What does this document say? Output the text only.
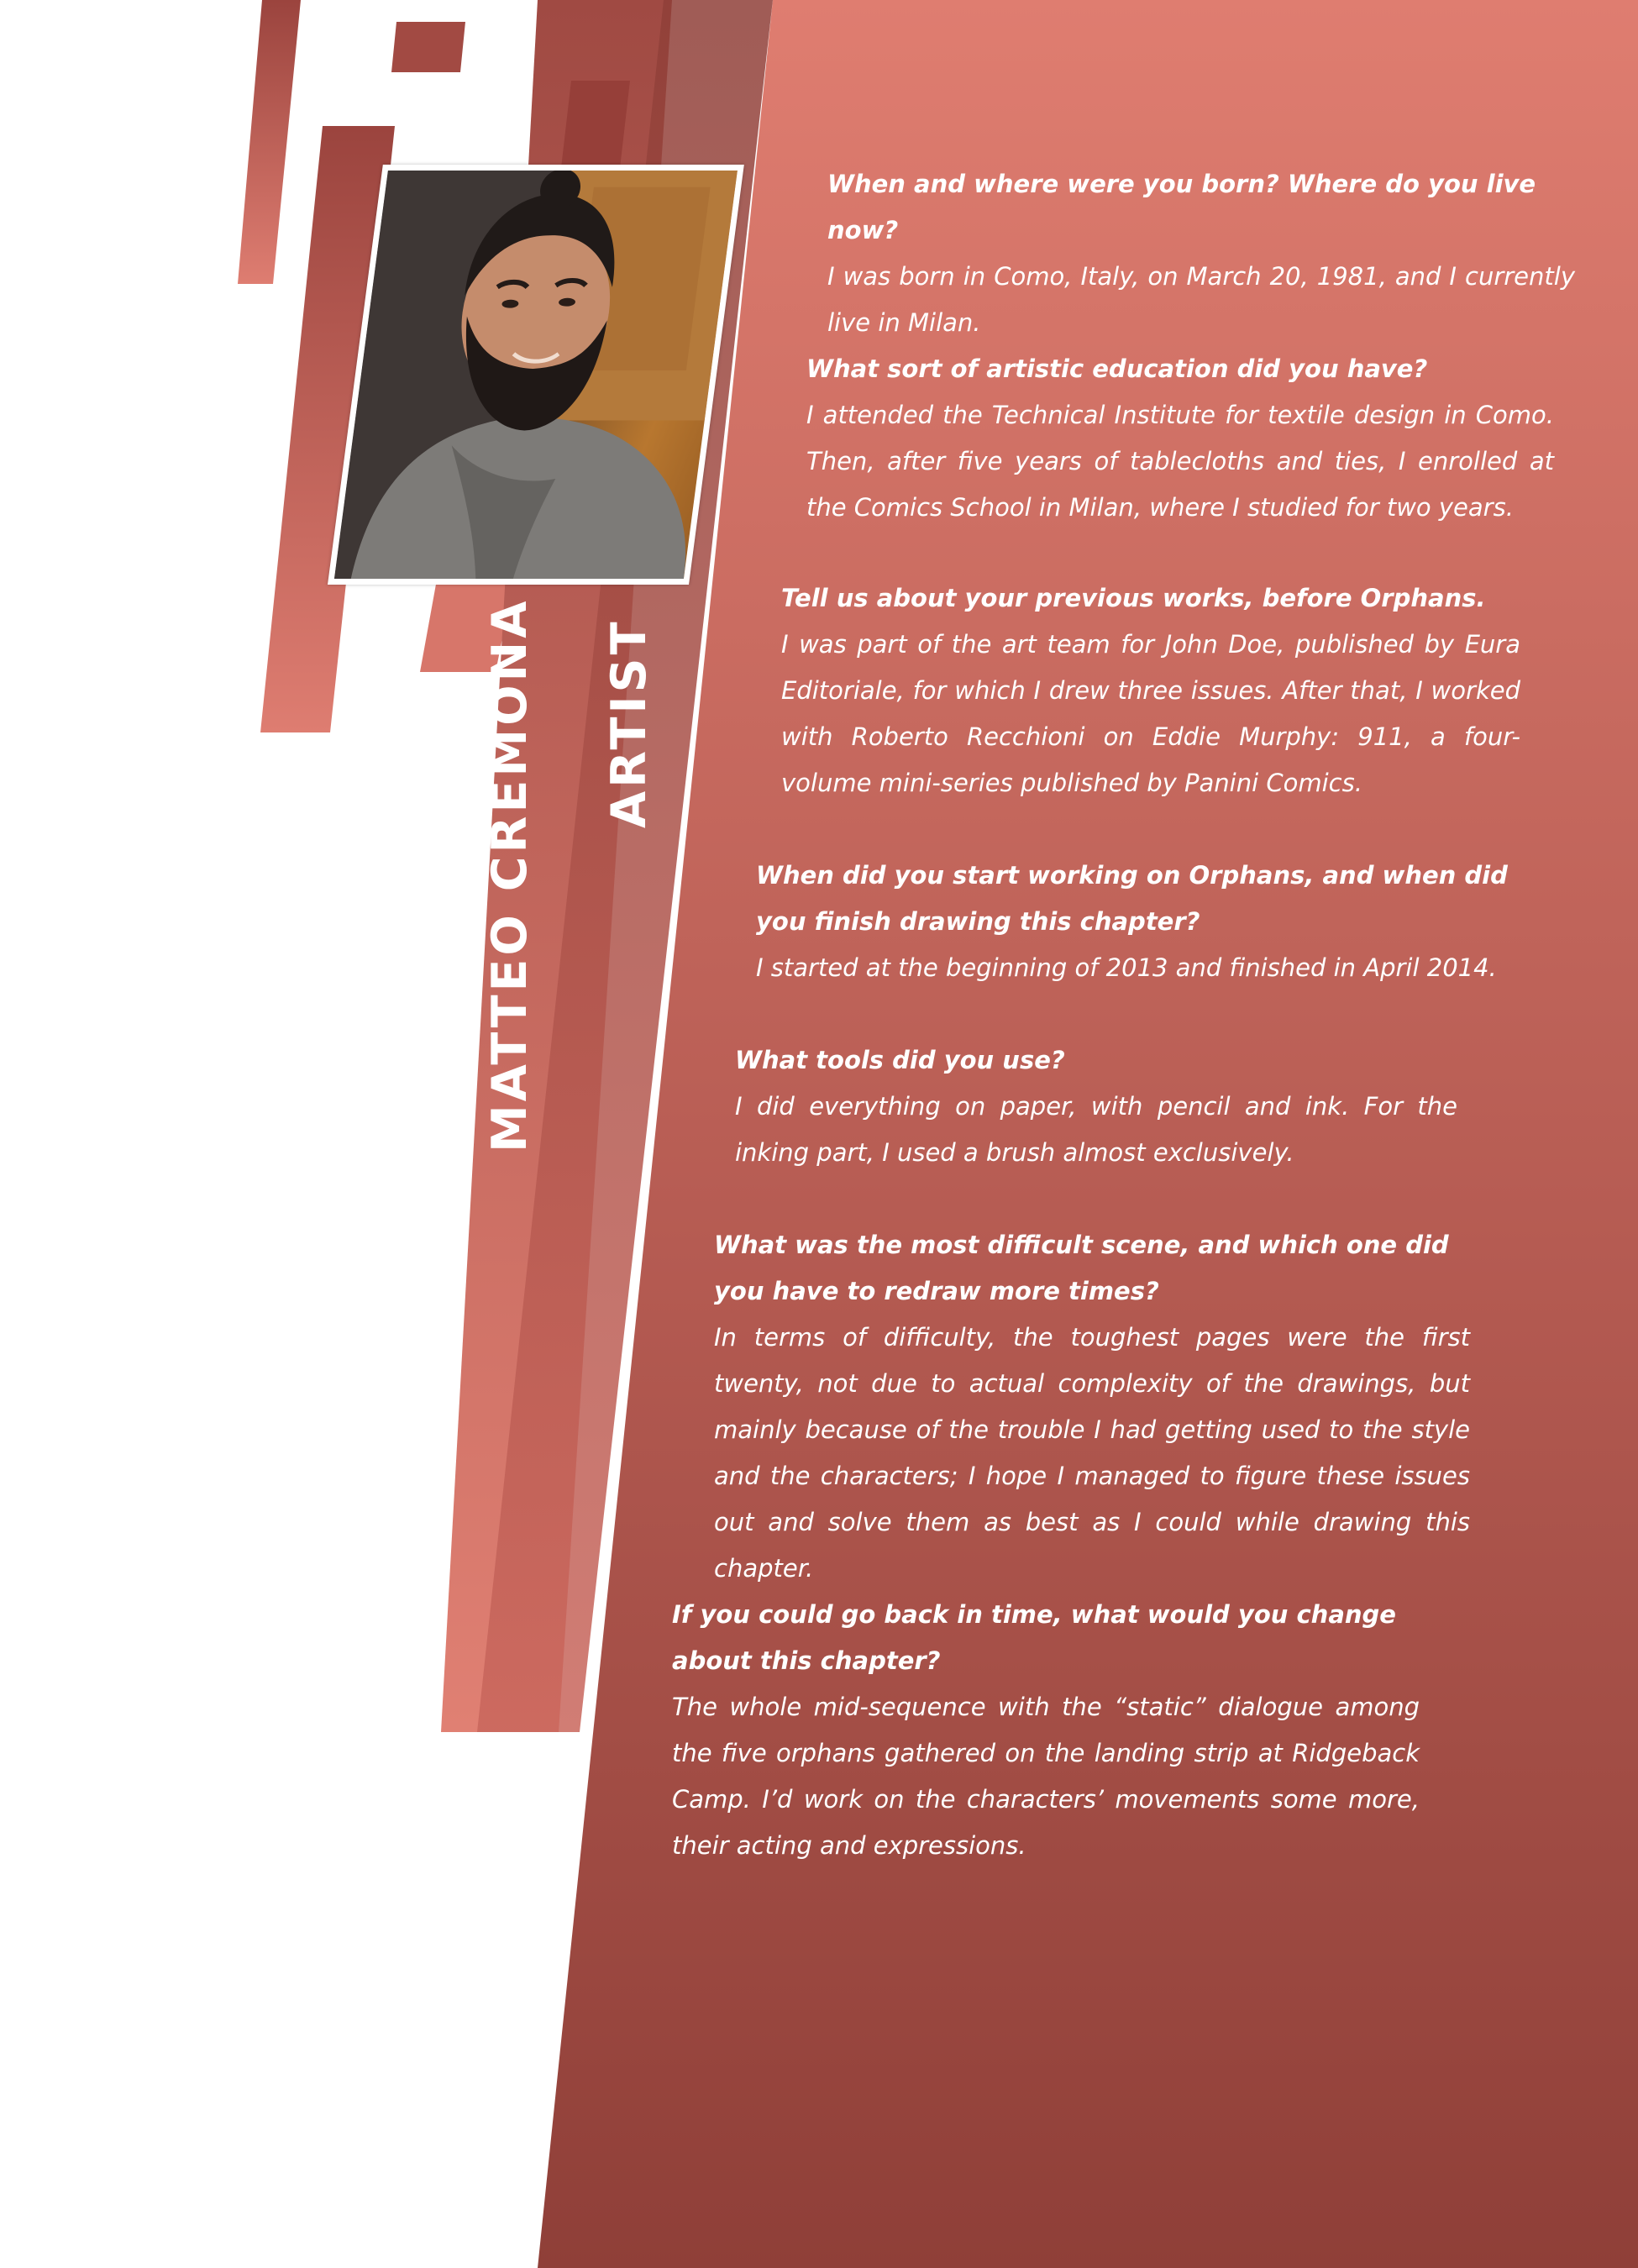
MATTEO CREMONA ARTIST

When and where were you born? Where do you live now?

I was born in Como, Italy, on March 20, 1981, and I currently live in Milan.

What sort of artistic education did you have?

I attended the Technical Institute for textile design in Como. Then, after five years of tablecloths and ties, I enrolled at the Comics School in Milan, where I studied for two years.

Tell us about your previous works, before Orphans.

I was part of the art team for John Doe, published by Eura Editoriale, for which I drew three issues. After that, I worked with Roberto Recchioni on Eddie Murphy: 911, a four-volume mini-series published by Panini Comics.

When did you start working on Orphans, and when did you finish drawing this chapter?

I started at the beginning of 2013 and finished in April 2014.

What tools did you use?

I did everything on paper, with pencil and ink. For the inking part, I used a brush almost exclusively.

What was the most difficult scene, and which one did you have to redraw more times?

In terms of difficulty, the toughest pages were the first twenty, not due to actual complexity of the drawings, but mainly because of the trouble I had getting used to the style and the characters; I hope I managed to figure these issues out and solve them as best as I could while drawing this chapter.

If you could go back in time, what would you change about this chapter?

The whole mid-sequence with the “static” dialogue among the five orphans gathered on the landing strip at Ridgeback Camp. I’d work on the characters’ movements some more, their acting and expressions.
